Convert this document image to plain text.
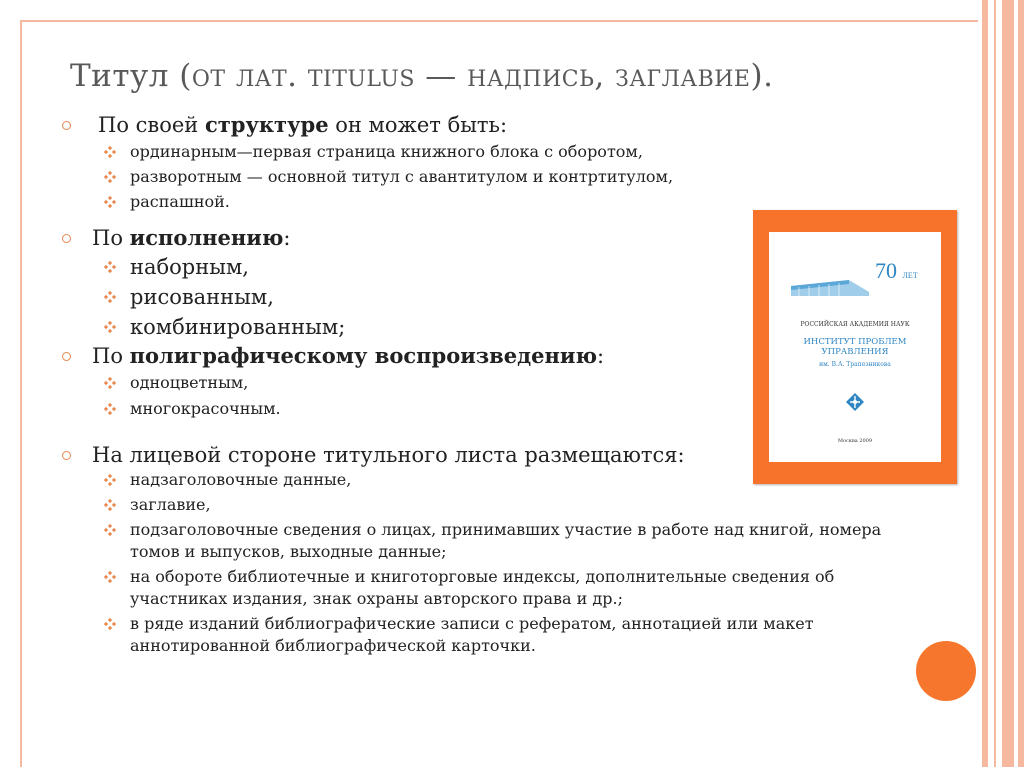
Титул (от лат. titulus — надпись, заглавие).
По своей структуре он может быть:
ординарным—первая страница книжного блока с оборотом,
разворотным — основной титул с авантитулом и контртитулом,
распашной.
По исполнению:
наборным,
рисованным,
комбинированным;
По полиграфическому воспроизведению:
одноцветным,
многокрасочным.
На лицевой стороне титульного листа размещаются:
надзаголовочные данные,
заглавие,
подзаголовочные сведения о лицах, принимавших участие в работе над книгой, номера томов и выпусков, выходные данные;
на обороте библиотечные и книготорговые индексы, дополнительные сведения об участниках издания, знак охраны авторского права и др.;
в ряде изданий библиографические записи с рефератом, аннотацией или макет аннотированной библиографической карточки.
70 ЛЕТ
РОССИЙСКАЯ АКАДЕМИЯ НАУК
ИНСТИТУТ ПРОБЛЕМ
УПРАВЛЕНИЯ
им. В.А. Трапезникова
Москва 2009
